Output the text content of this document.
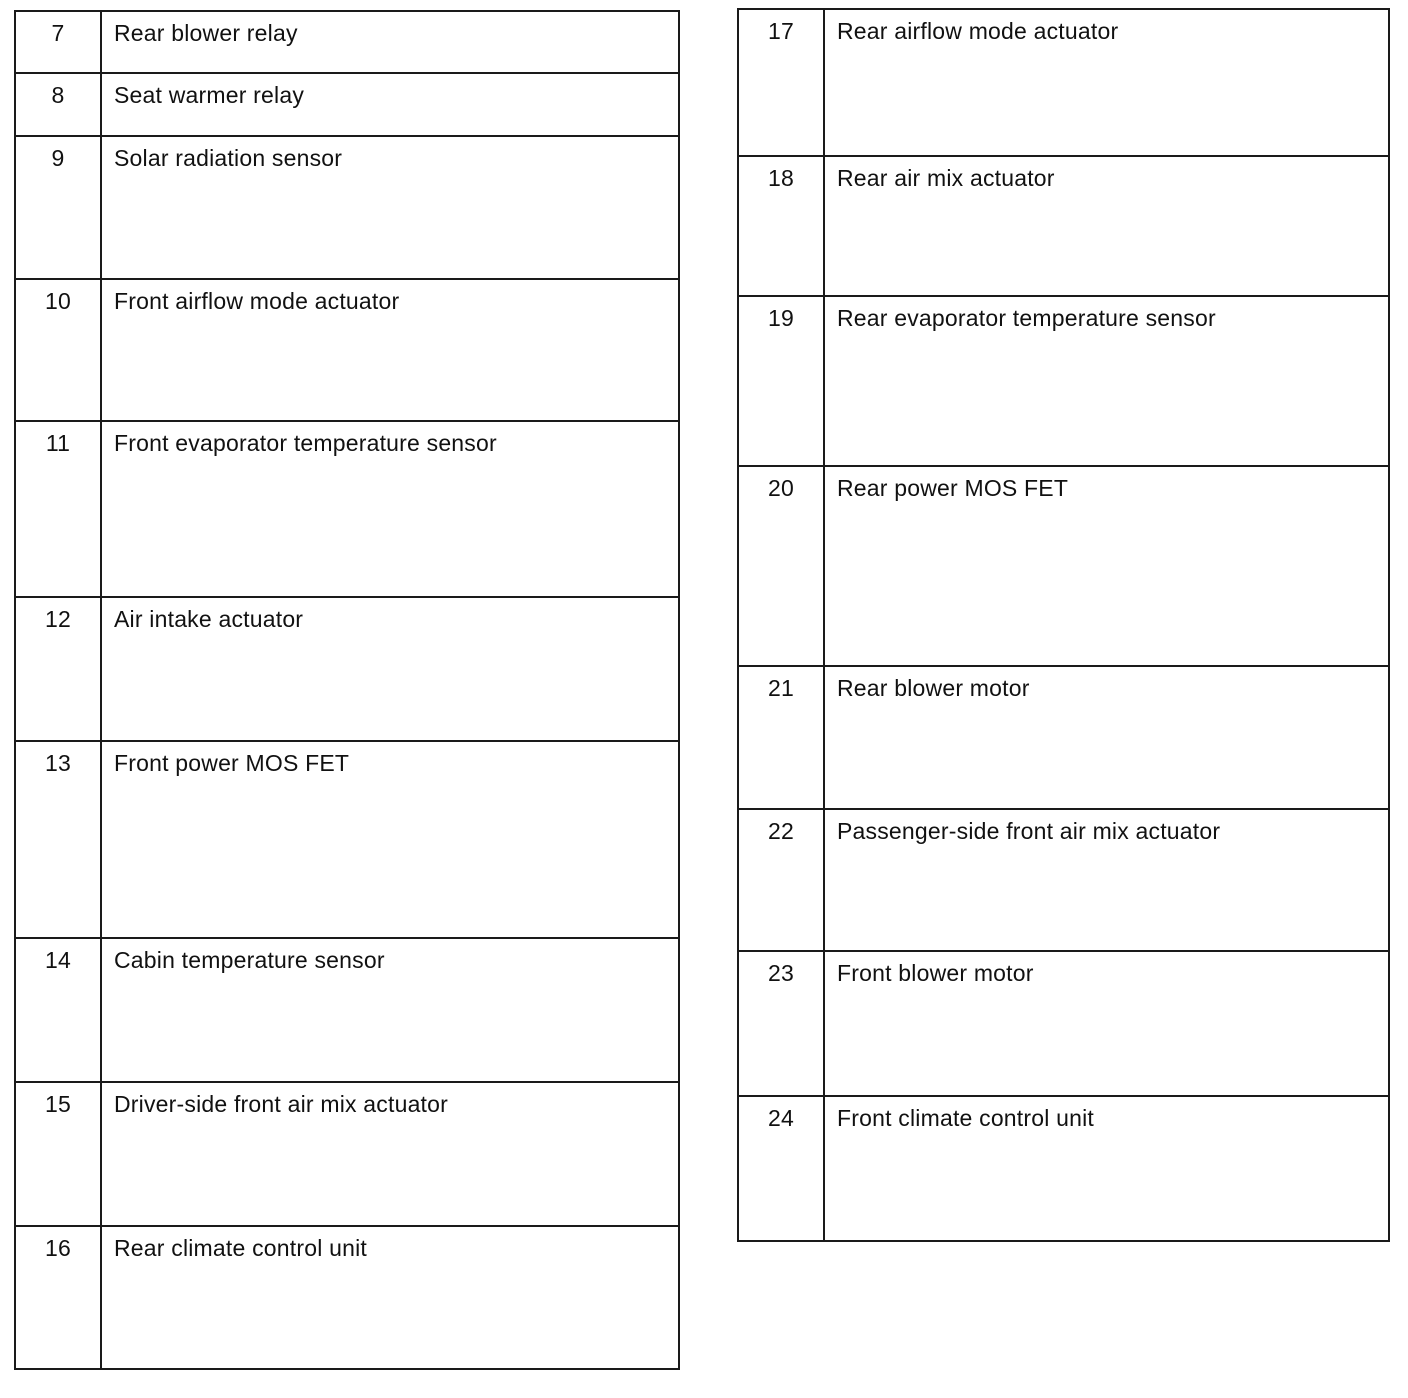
7	Rear blower relay
8	Seat warmer relay
9	Solar radiation sensor
10	Front airflow mode actuator
11	Front evaporator temperature sensor
12	Air intake actuator
13	Front power MOS FET
14	Cabin temperature sensor
15	Driver-side front air mix actuator
16	Rear climate control unit
17	Rear airflow mode actuator
18	Rear air mix actuator
19	Rear evaporator temperature sensor
20	Rear power MOS FET
21	Rear blower motor
22	Passenger-side front air mix actuator
23	Front blower motor
24	Front climate control unit
